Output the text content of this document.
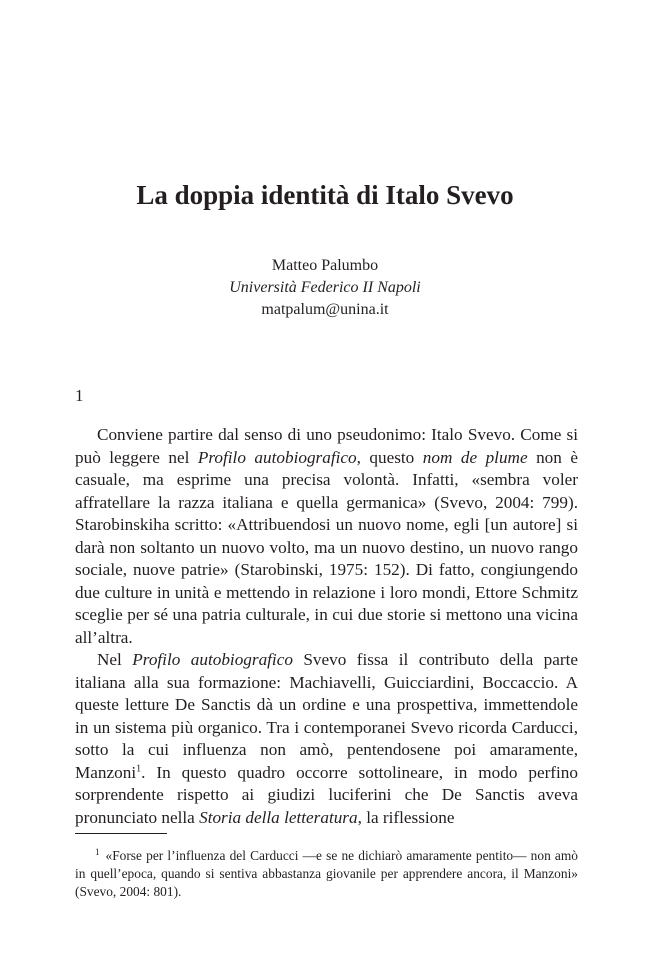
La doppia identità di Italo Svevo
Matteo Palumbo
Università Federico II Napoli
matpalum@unina.it
1

Conviene partire dal senso di uno pseudonimo: Italo Svevo. Come si può leggere nel Profilo autobiografico, questo nom de plume non è casuale, ma esprime una precisa volontà. Infatti, «sembra voler affratellare la razza italiana e quella germanica» (Svevo, 2004: 799). Starobinskiha scritto: «Attribuendosi un nuovo nome, egli [un autore] si darà non soltanto un nuovo volto, ma un nuovo destino, un nuovo rango sociale, nuove patrie» (Starobinski, 1975: 152). Di fatto, congiungendo due culture in unità e mettendo in relazione i loro mondi, Ettore Schmitz sceglie per sé una patria culturale, in cui due storie si mettono una vicina all’altra.

Nel Profilo autobiografico Svevo fissa il contributo della parte italiana alla sua formazione: Machiavelli, Guicciardini, Boccaccio. A queste letture De Sanctis dà un ordine e una prospettiva, immettendole in un sistema più organico. Tra i contemporanei Svevo ricorda Carducci, sotto la cui influenza non amò, pentendosene poi amaramente, Manzoni$^1$. In questo quadro occorre sottolineare, in modo perfino sorprendente rispetto ai giudizi luciferini che De Sanctis aveva pronunciato nella Storia della letteratura, la riflessione

$^1$ «Forse per l’influenza del Carducci —e se ne dichiarò amaramente pentito— non amò in quell’epoca, quando si sentiva abbastanza giovanile per apprendere ancora, il Manzoni» (Svevo, 2004: 801).
